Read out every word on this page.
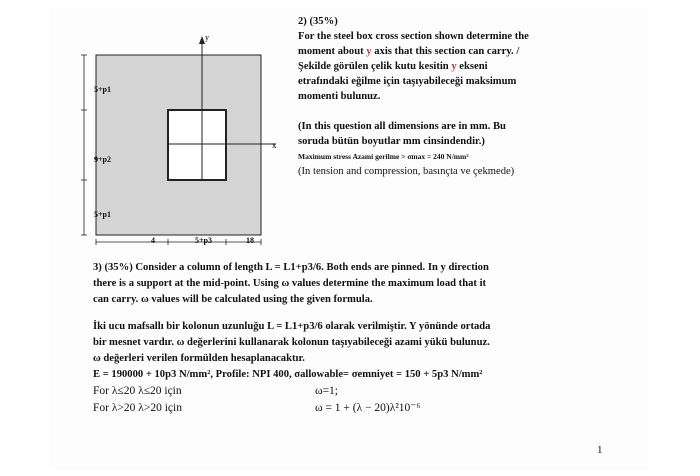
y
x
5+p1
9+p2
5+p1
4	5+p3	18
2) (35%)
For the steel box cross section shown determine the
moment about y axis that this section can carry. /
Şekilde görülen çelik kutu kesitin y ekseni
etrafındaki eğilme için taşıyabileceği maksimum
momenti bulunuz.
(In this question all dimensions are in mm. Bu
soruda bütün boyutlar mm cinsindendir.)
Maximum stress Azami gerilme > σmax = 240 N/mm²
(In tension and compression, basınçta ve çekmede)

3) (35%) Consider a column of length L = L1+p3/6. Both ends are pinned. In y direction

there is a support at the mid-point. Using ω values determine the maximum load that it

can carry. ω values will be calculated using the given formula.

İki ucu mafsallı bir kolonun uzunluğu L = L1+p3/6 olarak verilmiştir. Y yönünde ortada

bir mesnet vardır. ω değerlerini kullanarak kolonun taşıyabileceği azami yükü bulunuz.

ω değerleri verilen formülden hesaplanacaktır.

E = 190000 + 10p3 N/mm², Profile: NPI 400, σallowable= σemniyet = 150 + 5p3 N/mm²

For λ≤20 λ≤20 için	ω=1;
For λ>20 λ>20 için	ω = 1 + (λ − 20)λ²10⁻⁶
1
